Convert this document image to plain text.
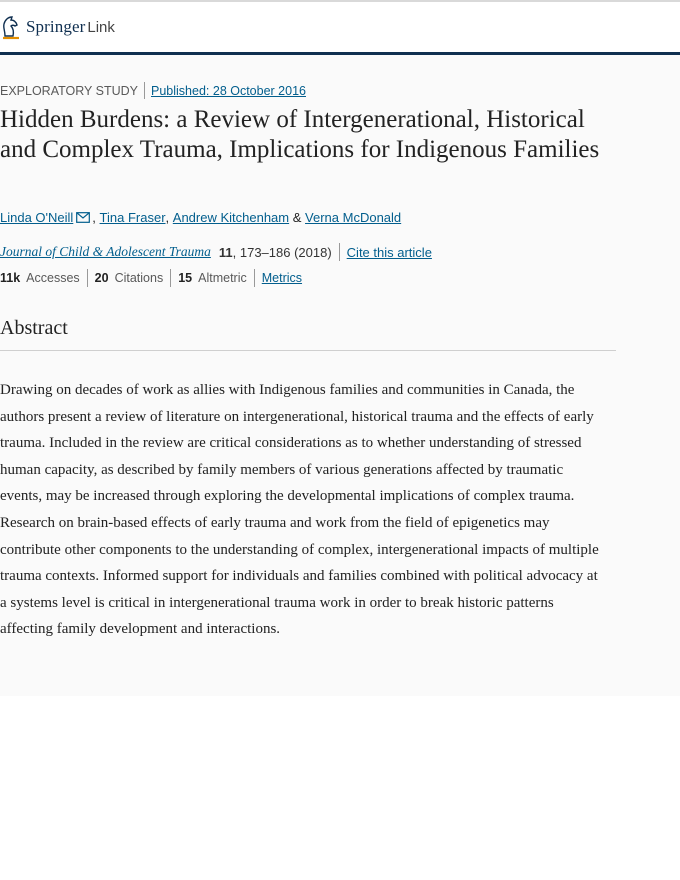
Springer Link
EXPLORATORY STUDY Published: 28 October 2016
Hidden Burdens: a Review of Intergenerational, Historical and Complex Trauma, Implications for Indigenous Families
Linda O'Neill ,
Tina Fraser ,
Andrew Kitchenham
&
Verna McDonald
Journal of Child & Adolescent Trauma 11 , 173–186 (2018) Cite this article
11k Accesses 20 Citations 15 Altmetric Metrics
Abstract

Drawing on decades of work as allies with Indigenous families and communities in Canada, the authors present a review of literature on intergenerational, historical trauma and the effects of early trauma. Included in the review are critical considerations as to whether understanding of stressed human capacity, as described by family members of various generations affected by traumatic events, may be increased through exploring the developmental implications of complex trauma. Research on brain-based effects of early trauma and work from the field of epigenetics may contribute other components to the understanding of complex, intergenerational impacts of multiple trauma contexts. Informed support for individuals and families combined with political advocacy at a systems level is critical in intergenerational trauma work in order to break historic patterns affecting family development and interactions.
